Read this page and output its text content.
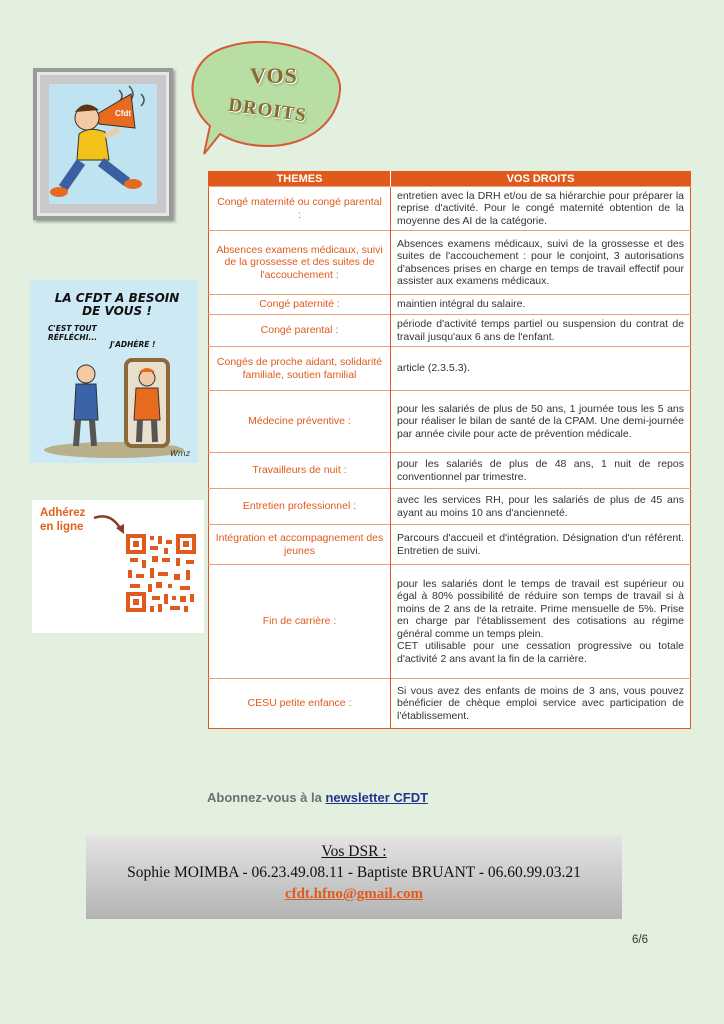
Cfdt
VOS
DROITS
LA CFDT A BESOIN DE VOUS !
C'EST TOUT RÉFLÉCHI...
J'ADHÈRE !
Wmz
Adhérez
en ligne
THEMES	VOS DROITS
Congé maternité ou congé parental :	entretien avec la DRH et/ou de sa hiérarchie pour préparer la reprise d'activité. Pour le congé maternité obtention de la moyenne des AI de la catégorie.
Absences examens médicaux, suivi de la grossesse et des suites de l'accouchement :	Absences examens médicaux, suivi de la grossesse et des suites de l'accouchement : pour le conjoint, 3 autorisations d'absences prises en charge en temps de travail effectif pour assister aux examens médicaux.
Congé paternité :	maintien intégral du salaire.
Congé parental :	période d'activité temps partiel ou suspension du contrat de travail jusqu'aux 6 ans de l'enfant.
Congés de proche aidant, solidarité familiale, soutien familial	article (2.3.5.3).
Médecine préventive :	pour les salariés de plus de 50 ans, 1 journée tous les 5 ans pour réaliser le bilan de santé de la CPAM. Une demi-journée par année civile pour acte de prévention médicale.
Travailleurs de nuit :	pour les salariés de plus de 48 ans, 1 nuit de repos conventionnel par trimestre.
Entretien professionnel :	avec les services RH, pour les salariés de plus de 45 ans ayant au moins 10 ans d'ancienneté.
Intégration et accompagnement des jeunes	Parcours d'accueil et d'intégration. Désignation d'un référent. Entretien de suivi.
Fin de carrière :	pour les salariés dont le temps de travail est supérieur ou égal à 80% possibilité de réduire son temps de travail si à moins de 2 ans de la retraite. Prime mensuelle de 5%. Prise en charge par l'établissement des cotisations au régime général comme un temps plein.
CET utilisable pour une cessation progressive ou totale d'activité 2 ans avant la fin de la carrière.

CESU petite enfance :	Si vous avez des enfants de moins de 3 ans, vous pouvez bénéficier de chèque emploi service avec participation de l'établissement.
Abonnez-vous à la newsletter CFDT
Vos DSR :
Sophie MOIMBA - 06.23.49.08.11 - Baptiste BRUANT - 06.60.99.03.21
cfdt.hfno@gmail.com
6/6
